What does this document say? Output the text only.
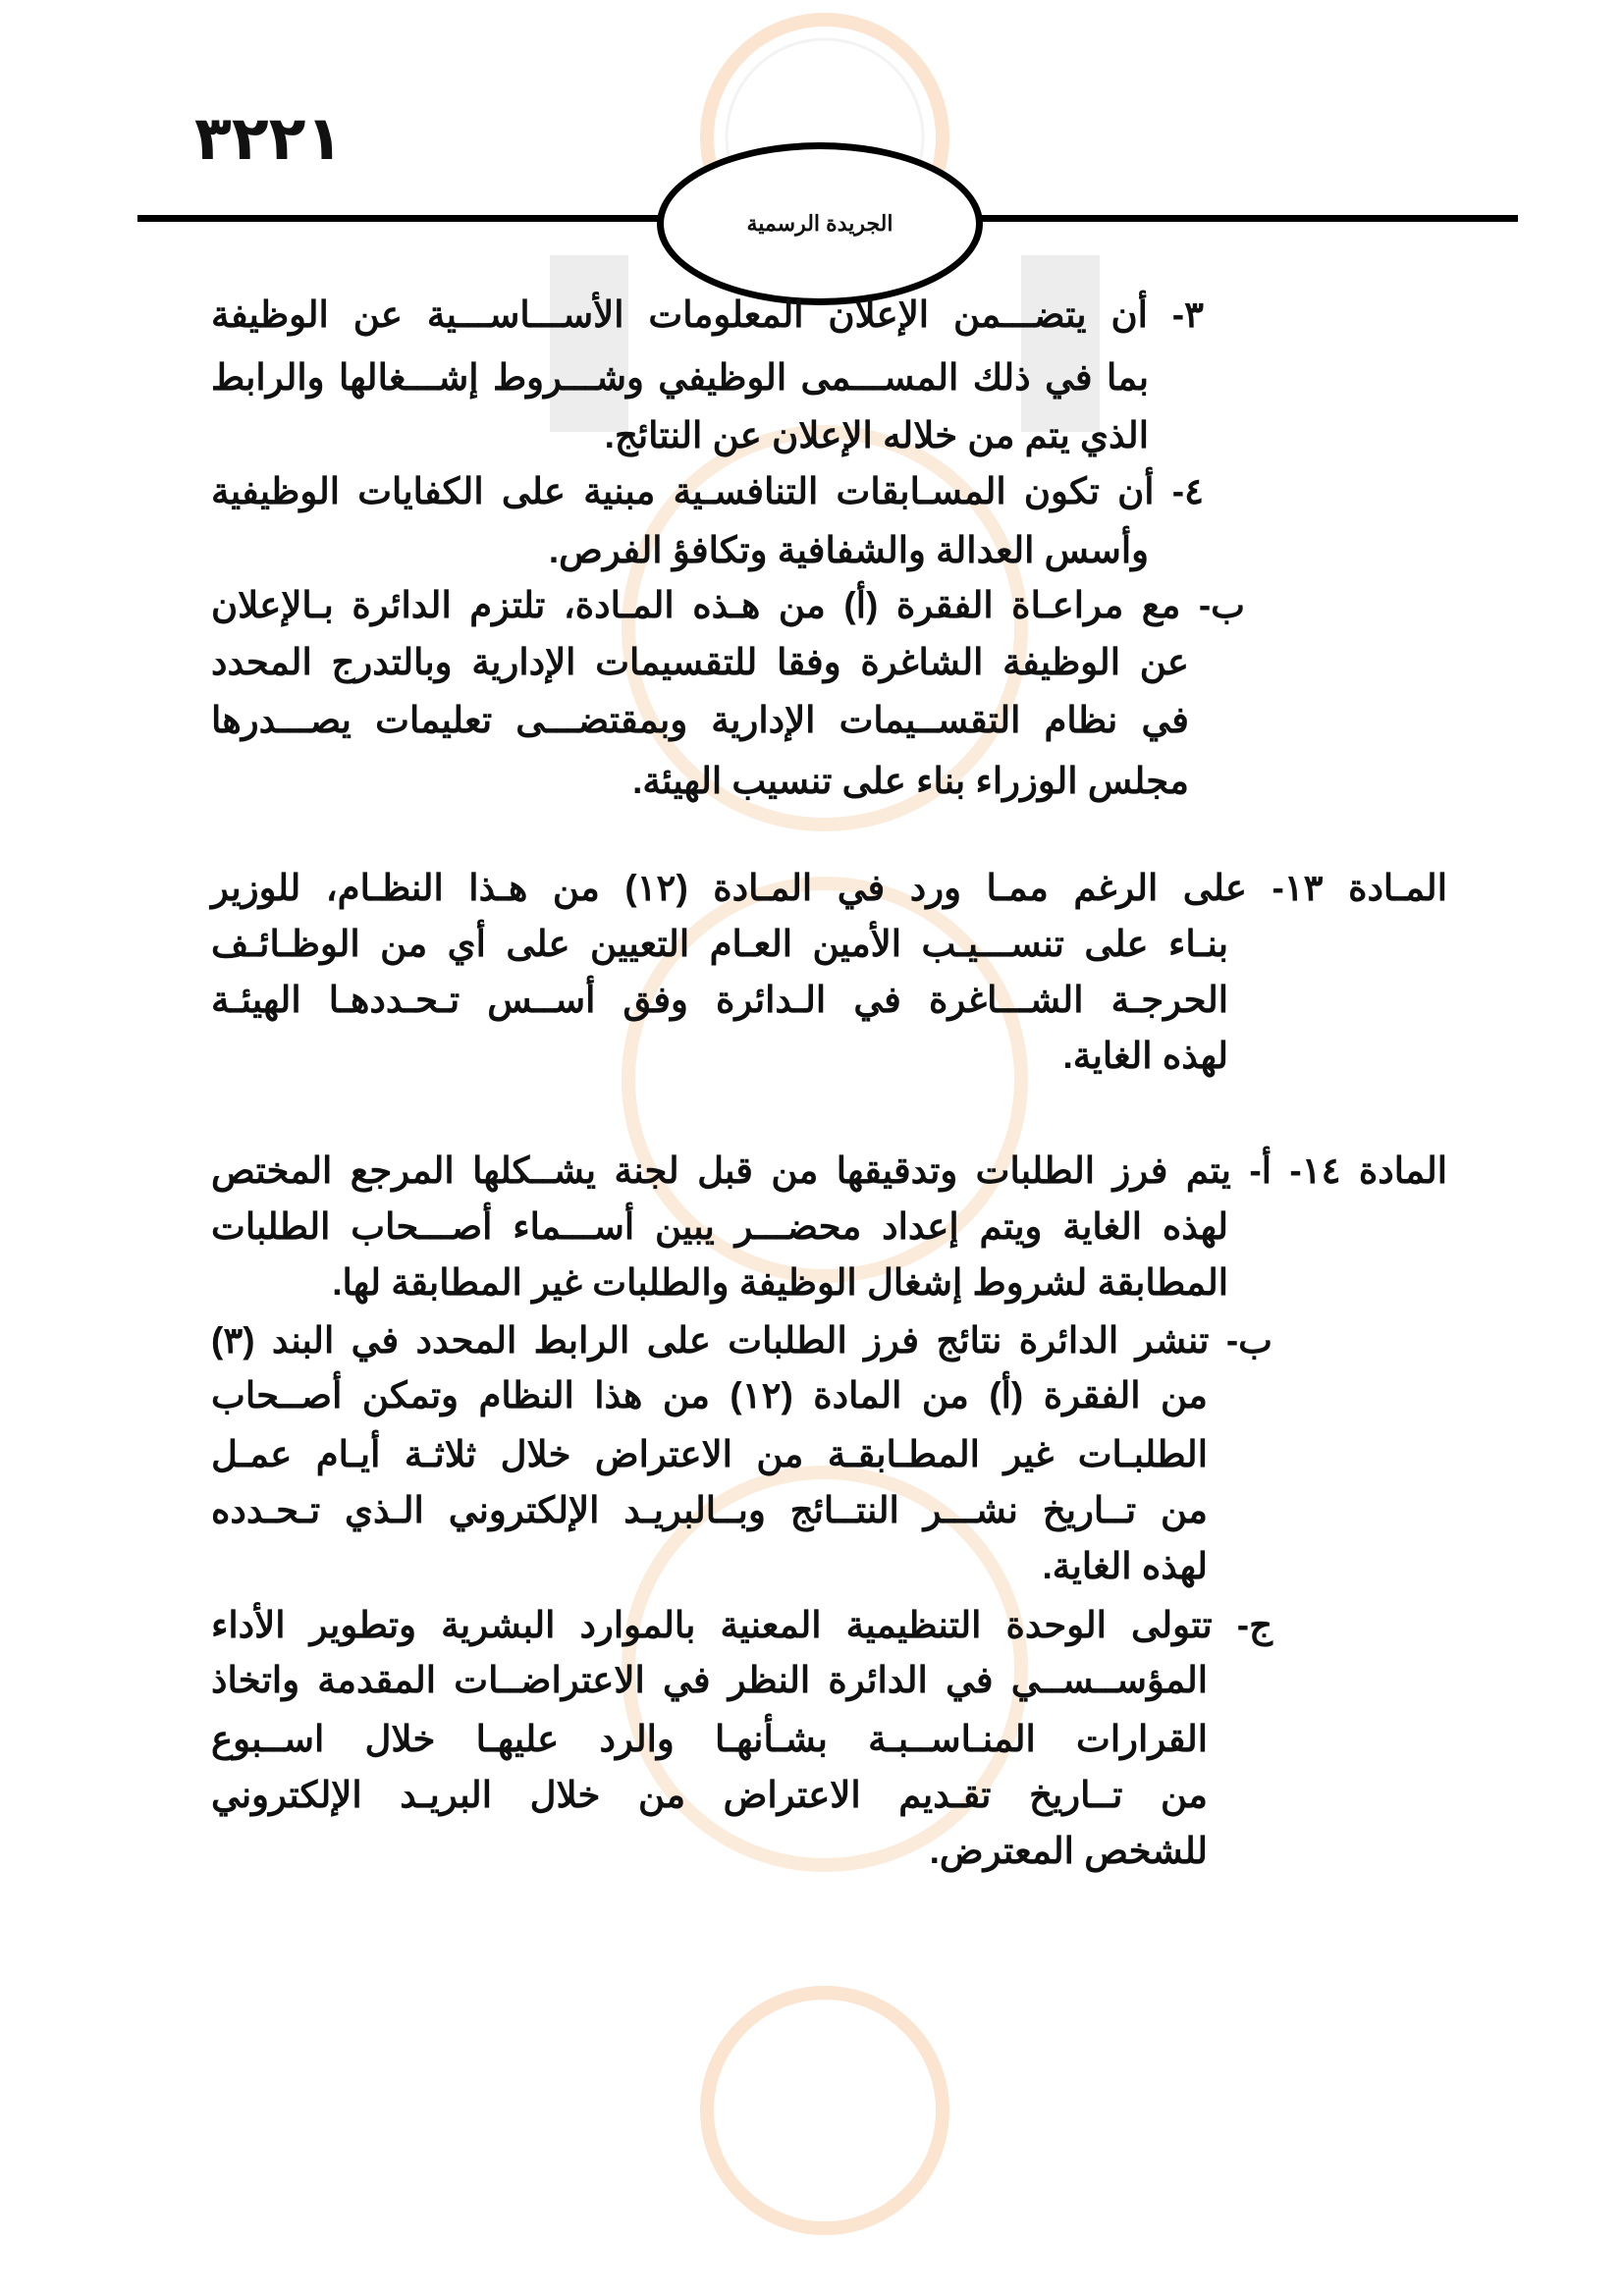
٣٢٢١
الجريدة الرسمية
٣- أن يتضـــمن الإعلان المعلومات الأســـاســـية عن الوظيفة
بما في ذلك المســـمى الوظيفي وشـــروط إشـــغالها والرابط
الذي يتم من خلاله الإعلان عن النتائج.
٤- أن تكون المسـابقات التنافسـية مبنية على الكفايات الوظيفية
وأسس العدالة والشفافية وتكافؤ الفرص.
ب- مع مراعـاة الفقرة (أ) من هـذه المـادة، تلتزم الدائرة بـالإعلان
عن الوظيفة الشاغرة وفقا للتقسيمات الإدارية وبالتدرج المحدد
في نظام التقســيمات الإدارية وبمقتضـــى تعليمات يصـــدرها
مجلس الوزراء بناء على تنسيب الهيئة.
المـادة ١٣- على الرغم ممـا ورد في المـادة (١٢) من هـذا النظـام، للوزير
بنـاء على تنســـيـب الأمين العـام التعيين على أي من الوظـائـف
الحرجـة الشـــاغرة في الـدائرة وفق أســس تـحـددهـا الهيئـة
لهذه الغاية.
المادة ١٤- أ- يتم فرز الطلبات وتدقيقها من قبل لجنة يشــكلها المرجع المختص
لهذه الغاية ويتم إعداد محضـــر يبين أســـماء أصـــحاب الطلبات
المطابقة لشروط إشغال الوظيفة والطلبات غير المطابقة لها.
ب- تنشر الدائرة نتائج فرز الطلبات على الرابط المحدد في البند (٣)
من الفقرة (أ) من المادة (١٢) من هذا النظام وتمكن أصــحاب
الطلبـات غير المطـابقـة من الاعتراض خلال ثلاثـة أيـام عمـل
من تــاريخ نشـــر النتــائج وبــالبريـد الإلكتروني الـذي تـحـدده
لهذه الغاية.
ج- تتولى الوحدة التنظيمية المعنية بالموارد البشرية وتطوير الأداء
المؤســســي في الدائرة النظر في الاعتراضــات المقدمة واتخاذ
القرارات المنـاســبـة بشـأنهـا والرد عليهـا خلال اســبوع
من تــاريخ تقـديم الاعتراض من خلال البريـد الإلكتروني
للشخص المعترض.
